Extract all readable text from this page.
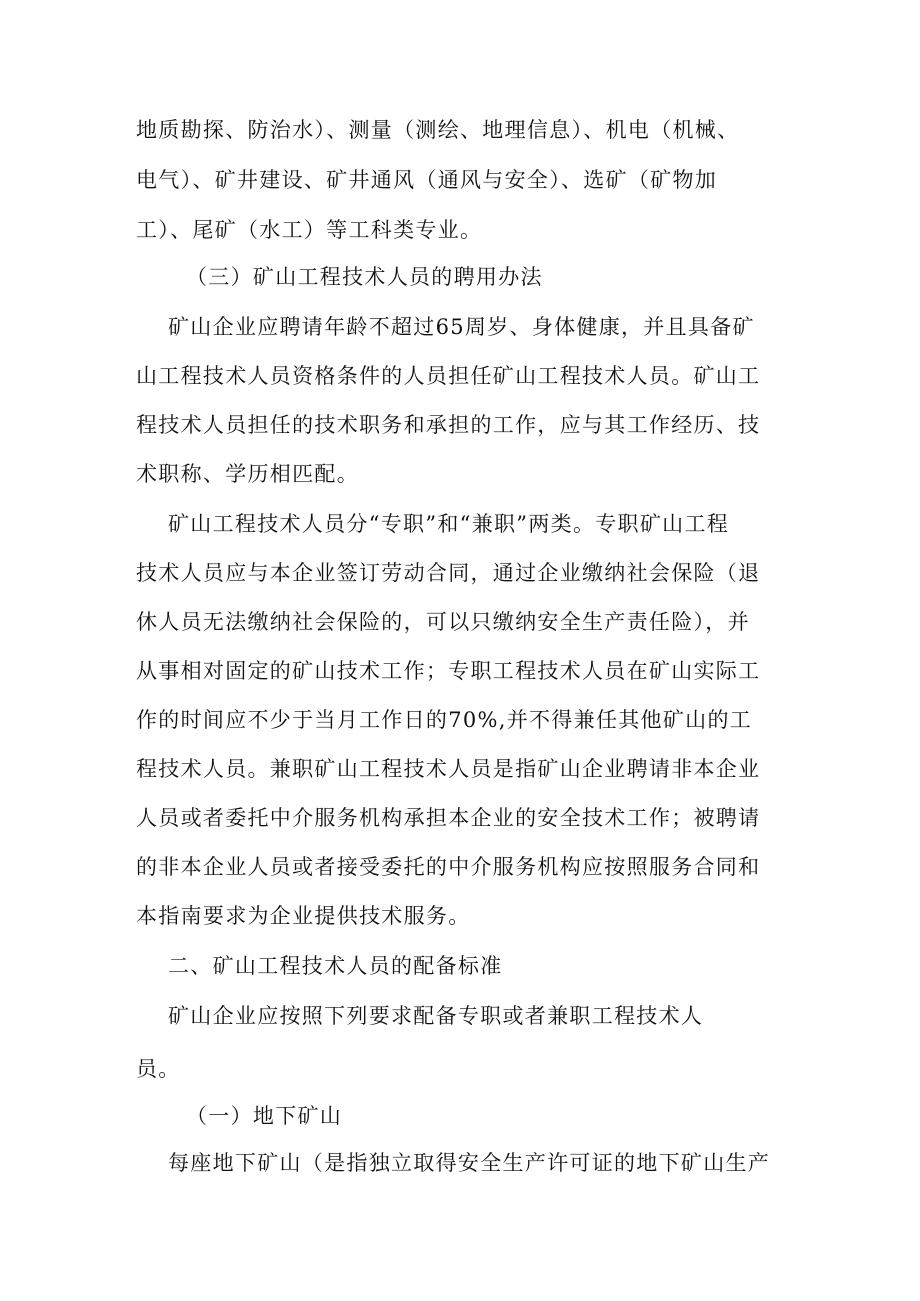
地质勘探、防治水）、测量（测绘、地理信息）、机电（机械、
电气）、矿井建设、矿井通风（通风与安全）、选矿（矿物加
工）、尾矿（水工）等工科类专业。
（三）矿山工程技术人员的聘用办法
矿山企业应聘请年龄不超过65周岁、身体健康，并且具备矿
山工程技术人员资格条件的人员担任矿山工程技术人员。矿山工
程技术人员担任的技术职务和承担的工作，应与其工作经历、技
术职称、学历相匹配。
矿山工程技术人员分“专职”和“兼职”两类。专职矿山工程
技术人员应与本企业签订劳动合同，通过企业缴纳社会保险（退
休人员无法缴纳社会保险的，可以只缴纳安全生产责任险），并
从事相对固定的矿山技术工作；专职工程技术人员在矿山实际工
作的时间应不少于当月工作日的70%,并不得兼任其他矿山的工
程技术人员。兼职矿山工程技术人员是指矿山企业聘请非本企业
人员或者委托中介服务机构承担本企业的安全技术工作；被聘请
的非本企业人员或者接受委托的中介服务机构应按照服务合同和
本指南要求为企业提供技术服务。
二、矿山工程技术人员的配备标准
矿山企业应按照下列要求配备专职或者兼职工程技术人
员。
（一）地下矿山
每座地下矿山（是指独立取得安全生产许可证的地下矿山生产
